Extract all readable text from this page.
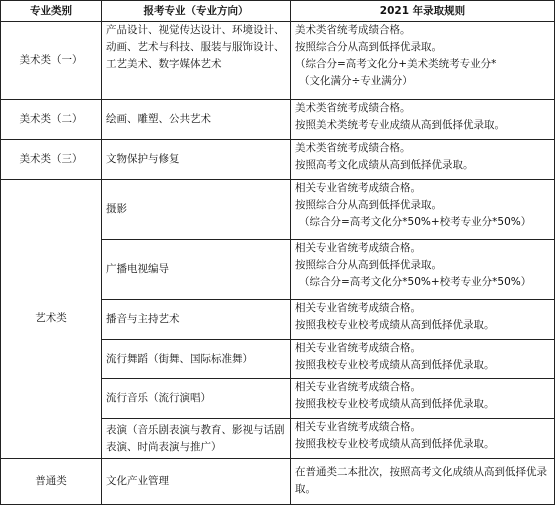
专业类别	报考专业（专业方向）	2021 年录取规则
美术类（一）	产品设计、视觉传达设计、环境设计、动画、艺术与科技、服装与服饰设计、工艺美术、数字媒体艺术	美术类省统考成绩合格。
按照综合分从高到低择优录取。
（综合分=高考文化分+美术类统考专业分*
（文化满分÷专业满分）

美术类（二）	绘画、雕塑、公共艺术	美术类省统考成绩合格。
按照美术类统考专业成绩从高到低择优录取。

美术类（三）	文物保护与修复	美术类省统考成绩合格。
按照高考文化成绩从高到低择优录取。

艺术类	摄影	相关专业省统考成绩合格。
按照综合分从高到低择优录取。
（综合分=高考文化分*50%+校考专业分*50%）

	广播电视编导	相关专业省统考成绩合格。
按照综合分从高到低择优录取。
（综合分=高考文化分*50%+校考专业分*50%）

	播音与主持艺术	相关专业省统考成绩合格。
按照我校专业校考成绩从高到低择优录取。

	流行舞蹈（街舞、国际标准舞）	相关专业省统考成绩合格。
按照我校专业校考成绩从高到低择优录取。

	流行音乐（流行演唱）	相关专业省统考成绩合格。
按照我校专业校考成绩从高到低择优录取。

	表演（音乐剧表演与教育、影视与话剧表演、时尚表演与推广）	相关专业省统考成绩合格。
按照我校专业校考成绩从高到低择优录取。

普通类	文化产业管理	在普通类二本批次，按照高考文化成绩从高到低择优录取。
